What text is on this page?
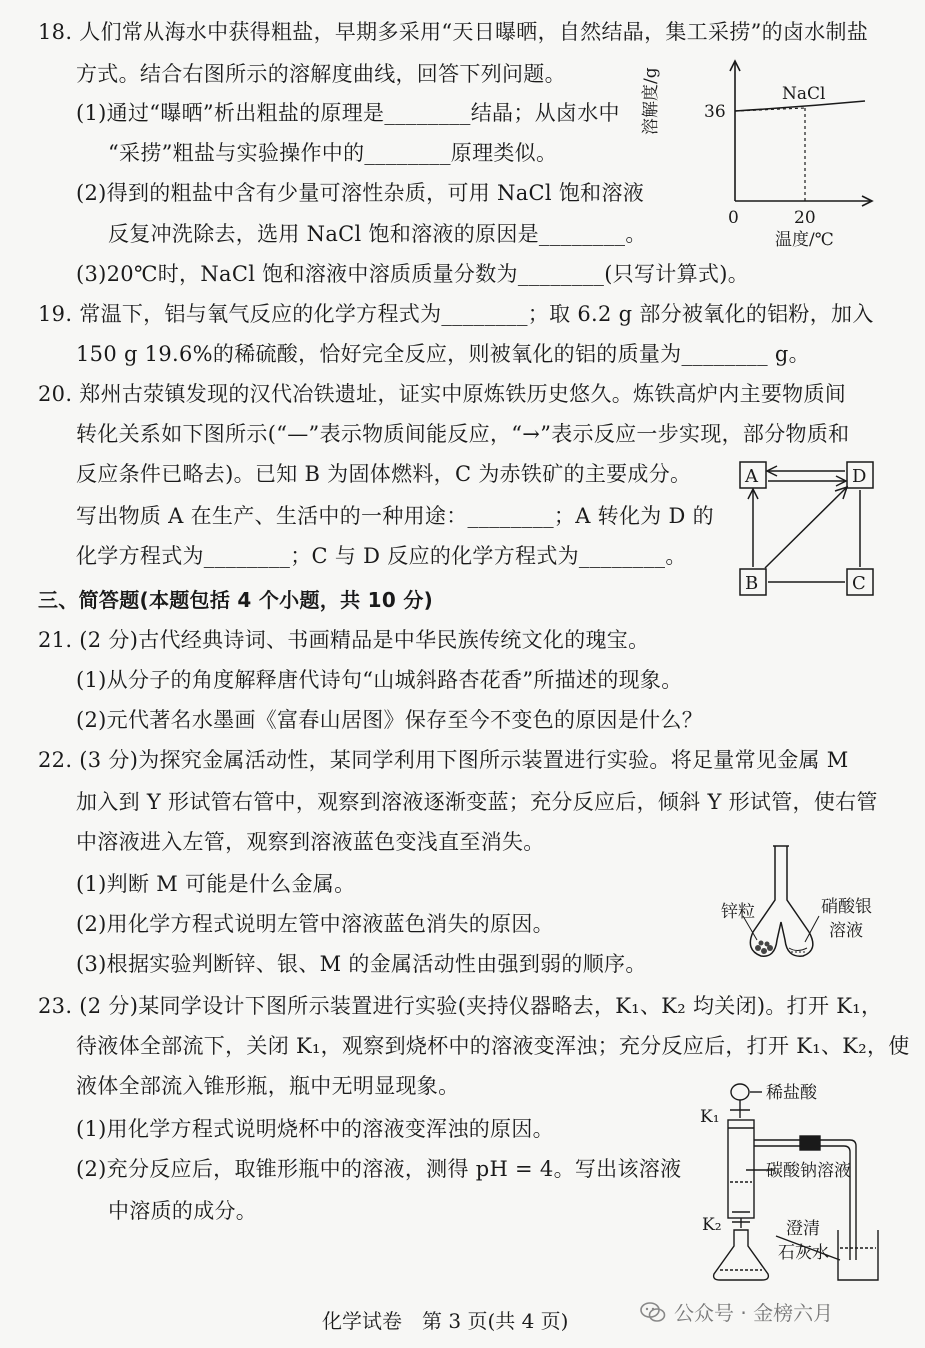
18. 人们常从海水中获得粗盐，早期多采用“天日曝晒，自然结晶，集工采捞”的卤水制盐
方式。结合右图所示的溶解度曲线，回答下列问题。
(1)通过“曝晒”析出粗盐的原理是________结晶；从卤水中
“采捞”粗盐与实验操作中的________原理类似。
(2)得到的粗盐中含有少量可溶性杂质，可用 NaCl 饱和溶液
反复冲洗除去，选用 NaCl 饱和溶液的原因是________。
(3)20℃时，NaCl 饱和溶液中溶质质量分数为________(只写计算式)。
溶解度/g	36
NaCl
0	20
温度/℃
19. 常温下，铝与氧气反应的化学方程式为________；取 6.2 g 部分被氧化的铝粉，加入
150 g 19.6%的稀硫酸，恰好完全反应，则被氧化的铝的质量为________ g。
20. 郑州古荥镇发现的汉代冶铁遗址，证实中原炼铁历史悠久。炼铁高炉内主要物质间
转化关系如下图所示(“—”表示物质间能反应，“→”表示反应一步实现，部分物质和
反应条件已略去)。已知 B 为固体燃料，C 为赤铁矿的主要成分。
写出物质 A 在生产、生活中的一种用途：________；A 转化为 D 的
化学方程式为________；C 与 D 反应的化学方程式为________。
A	D
B	C
三、简答题(本题包括 4 个小题，共 10 分)
21. (2 分)古代经典诗词、书画精品是中华民族传统文化的瑰宝。
(1)从分子的角度解释唐代诗句“山城斜路杏花香”所描述的现象。
(2)元代著名水墨画《富春山居图》保存至今不变色的原因是什么？
22. (3 分)为探究金属活动性，某同学利用下图所示装置进行实验。将足量常见金属 M
加入到 Y 形试管右管中，观察到溶液逐渐变蓝；充分反应后，倾斜 Y 形试管，使右管
中溶液进入左管，观察到溶液蓝色变浅直至消失。
(1)判断 M 可能是什么金属。
(2)用化学方程式说明左管中溶液蓝色消失的原因。
(3)根据实验判断锌、银、M 的金属活动性由强到弱的顺序。
锌粒	硝酸银
溶液
23. (2 分)某同学设计下图所示装置进行实验(夹持仪器略去，K₁、K₂ 均关闭)。打开 K₁，
待液体全部流下，关闭 K₁，观察到烧杯中的溶液变浑浊；充分反应后，打开 K₁、K₂，使
液体全部流入锥形瓶，瓶中无明显现象。
(1)用化学方程式说明烧杯中的溶液变浑浊的原因。
(2)充分反应后，取锥形瓶中的溶液，测得 pH = 4。写出该溶液
中溶质的成分。
K₁
K₂
稀盐酸
碳酸钠溶液
澄清
石灰水
化学试卷　第 3 页(共 4 页)	公众号 · 金榜六月
